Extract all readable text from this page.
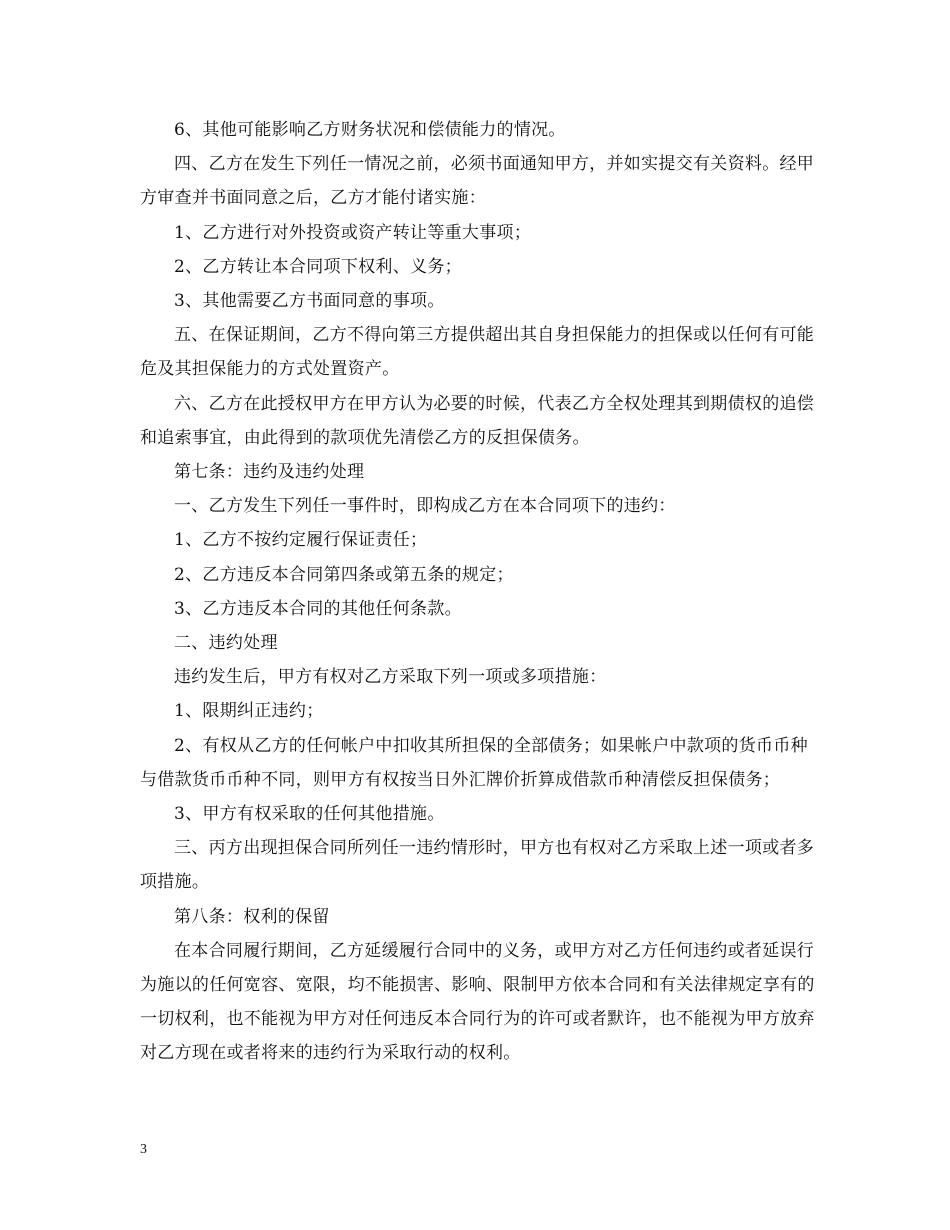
6、其他可能影响乙方财务状况和偿债能力的情况。

四、乙方在发生下列任一情况之前，必须书面通知甲方，并如实提交有关资料。经甲方审查并书面同意之后，乙方才能付诸实施：

1、乙方进行对外投资或资产转让等重大事项；

2、乙方转让本合同项下权利、义务；

3、其他需要乙方书面同意的事项。

五、在保证期间，乙方不得向第三方提供超出其自身担保能力的担保或以任何有可能危及其担保能力的方式处置资产。

六、乙方在此授权甲方在甲方认为必要的时候，代表乙方全权处理其到期债权的追偿和追索事宜，由此得到的款项优先清偿乙方的反担保债务。

第七条：违约及违约处理

一、乙方发生下列任一事件时，即构成乙方在本合同项下的违约：

1、乙方不按约定履行保证责任；

2、乙方违反本合同第四条或第五条的规定；

3、乙方违反本合同的其他任何条款。

二、违约处理

违约发生后，甲方有权对乙方采取下列一项或多项措施：

1、限期纠正违约；

2、有权从乙方的任何帐户中扣收其所担保的全部债务；如果帐户中款项的货币币种与借款货币币种不同，则甲方有权按当日外汇牌价折算成借款币种清偿反担保债务；

3、甲方有权采取的任何其他措施。

三、丙方出现担保合同所列任一违约情形时，甲方也有权对乙方采取上述一项或者多项措施。

第八条：权利的保留

在本合同履行期间，乙方延缓履行合同中的义务，或甲方对乙方任何违约或者延误行为施以的任何宽容、宽限，均不能损害、影响、限制甲方依本合同和有关法律规定享有的一切权利，也不能视为甲方对任何违反本合同行为的许可或者默许，也不能视为甲方放弃对乙方现在或者将来的违约行为采取行动的权利。

3
